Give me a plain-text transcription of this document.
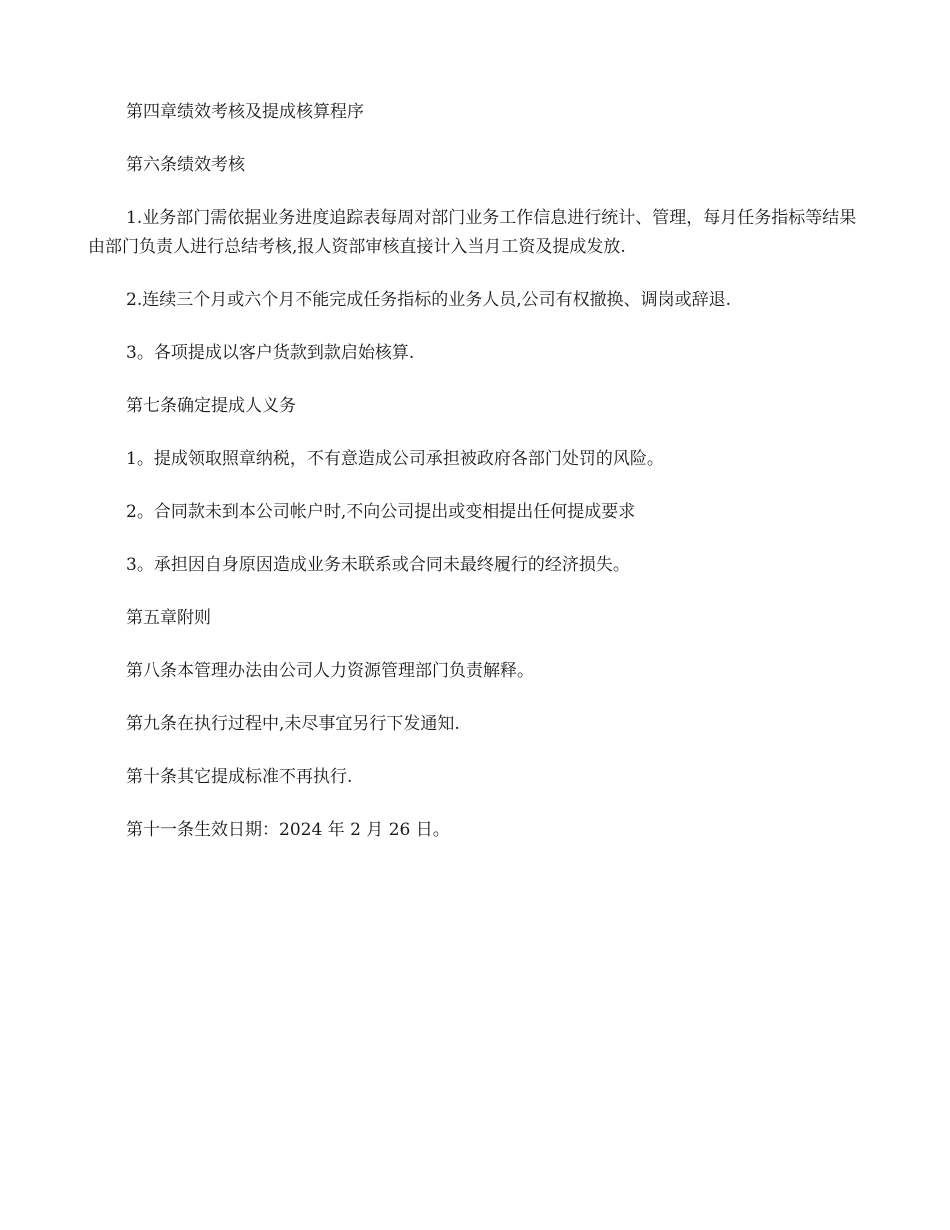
第四章绩效考核及提成核算程序

第六条绩效考核

1.业务部门需依据业务进度追踪表每周对部门业务工作信息进行统计、管理，每月任务指标等结果由部门负责人进行总结考核,报人资部审核直接计入当月工资及提成发放.

2.连续三个月或六个月不能完成任务指标的业务人员,公司有权撤换、调岗或辞退.

3。各项提成以客户货款到款启始核算.

第七条确定提成人义务

1。提成领取照章纳税，不有意造成公司承担被政府各部门处罚的风险。

2。合同款未到本公司帐户时,不向公司提出或变相提出任何提成要求

3。承担因自身原因造成业务未联系或合同未最终履行的经济损失。

第五章附则

第八条本管理办法由公司人力资源管理部门负责解释。

第九条在执行过程中,未尽事宜另行下发通知.

第十条其它提成标准不再执行.

第十一条生效日期：2024 年 2 月 26 日。
